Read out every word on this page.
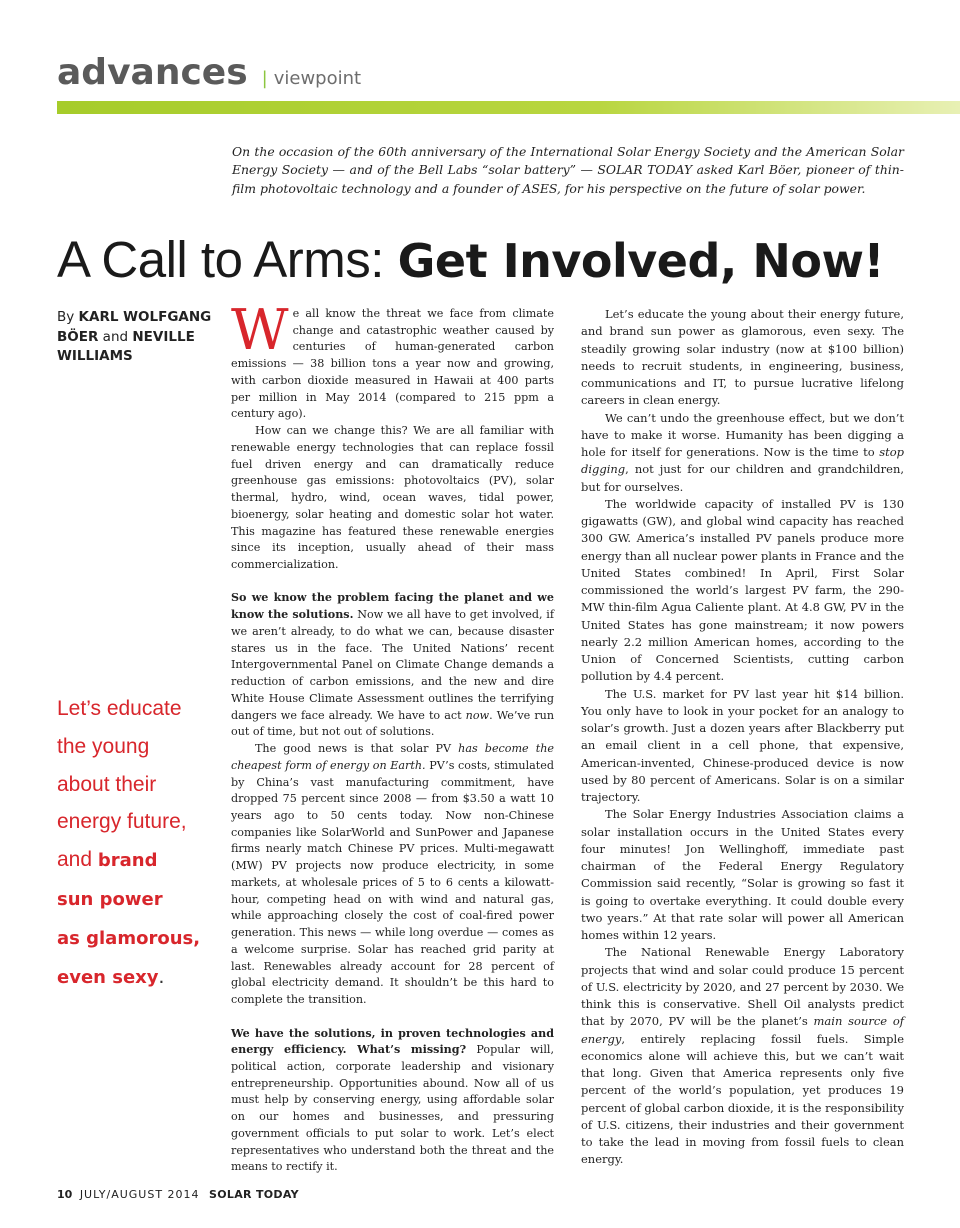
advances | viewpoint
On the occasion of the 60th anniversary of the International Solar Energy Society and the American Solar Energy Society — and of the Bell Labs “solar battery” — SOLAR TODAY asked Karl Böer, pioneer of thin-film photovoltaic technology and a founder of ASES, for his perspective on the future of solar power.
A Call to Arms: Get Involved, Now!
By KARL WOLFGANG BÖER and NEVILLE WILLIAMS
Let’s educate
the young
about their
energy future,
and brand
sun power
as glamorous,
even sexy.

We all know the threat we face from climate change and catastrophic weather caused by centuries of human-generated carbon emissions — 38 billion tons a year now and growing, with carbon dioxide measured in Hawaii at 400 parts per million in May 2014 (compared to 215 ppm a century ago).

How can we change this? We are all familiar with renewable energy technologies that can replace fossil fuel driven energy and can dramatically reduce greenhouse gas emissions: photovoltaics (PV), solar thermal, hydro, wind, ocean waves, tidal power, bioenergy, solar heating and domestic solar hot water. This magazine has featured these renewable energies since its inception, usually ahead of their mass commercialization.

So we know the problem facing the planet and we know the solutions. Now we all have to get involved, if we aren’t already, to do what we can, because disaster stares us in the face. The United Nations’ recent Intergovernmental Panel on Climate Change demands a reduction of carbon emissions, and the new and dire White House Climate Assessment outlines the terrifying dangers we face already. We have to act now. We’ve run out of time, but not out of solutions.

The good news is that solar PV has become the cheapest form of energy on Earth. PV’s costs, stimulated by China’s vast manufacturing commitment, have dropped 75 percent since 2008 — from $3.50 a watt 10 years ago to 50 cents today. Now non-Chinese companies like SolarWorld and SunPower and Japanese firms nearly match Chinese PV prices. Multi-megawatt (MW) PV projects now produce electricity, in some markets, at wholesale prices of 5 to 6 cents a kilowatt-hour, competing head on with wind and natural gas, while approaching closely the cost of coal-fired power generation. This news — while long overdue — comes as a welcome surprise. Solar has reached grid parity at last. Renewables already account for 28 percent of global electricity demand. It shouldn’t be this hard to complete the transition.

We have the solutions, in proven technologies and energy efficiency. What’s missing? Popular will, political action, corporate leadership and visionary entrepreneurship. Opportunities abound. Now all of us must help by conserving energy, using affordable solar on our homes and businesses, and pressuring government officials to put solar to work. Let’s elect representatives who understand both the threat and the means to rectify it.

Let’s educate the young about their energy future, and brand sun power as glamorous, even sexy. The steadily growing solar industry (now at $100 billion) needs to recruit students, in engineering, business, communications and IT, to pursue lucrative lifelong careers in clean energy.

We can’t undo the greenhouse effect, but we don’t have to make it worse. Humanity has been digging a hole for itself for generations. Now is the time to stop digging, not just for our children and grandchildren, but for ourselves.

The worldwide capacity of installed PV is 130 gigawatts (GW), and global wind capacity has reached 300 GW. America’s installed PV panels produce more energy than all nuclear power plants in France and the United States combined! In April, First Solar commissioned the world’s largest PV farm, the 290-MW thin-film Agua Caliente plant. At 4.8 GW, PV in the United States has gone mainstream; it now powers nearly 2.2 million American homes, according to the Union of Concerned Scientists, cutting carbon pollution by 4.4 percent.

The U.S. market for PV last year hit $14 billion. You only have to look in your pocket for an analogy to solar’s growth. Just a dozen years after Blackberry put an email client in a cell phone, that expensive, American-invented, Chinese-produced device is now used by 80 percent of Americans. Solar is on a similar trajectory.

The Solar Energy Industries Association claims a solar installation occurs in the United States every four minutes! Jon Wellinghoff, immediate past chairman of the Federal Energy Regulatory Commission said recently, “Solar is growing so fast it is going to overtake everything. It could double every two years.” At that rate solar will power all American homes within 12 years.

The National Renewable Energy Laboratory projects that wind and solar could produce 15 percent of U.S. electricity by 2020, and 27 percent by 2030. We think this is conservative. Shell Oil analysts predict that by 2070, PV will be the planet’s main source of energy, entirely replacing fossil fuels. Simple economics alone will achieve this, but we can’t wait that long. Given that America represents only five percent of the world’s population, yet produces 19 percent of global carbon dioxide, it is the responsibility of U.S. citizens, their industries and their government to take the lead in moving from fossil fuels to clean energy.

10 JULY/AUGUST 2014 SOLAR TODAY
